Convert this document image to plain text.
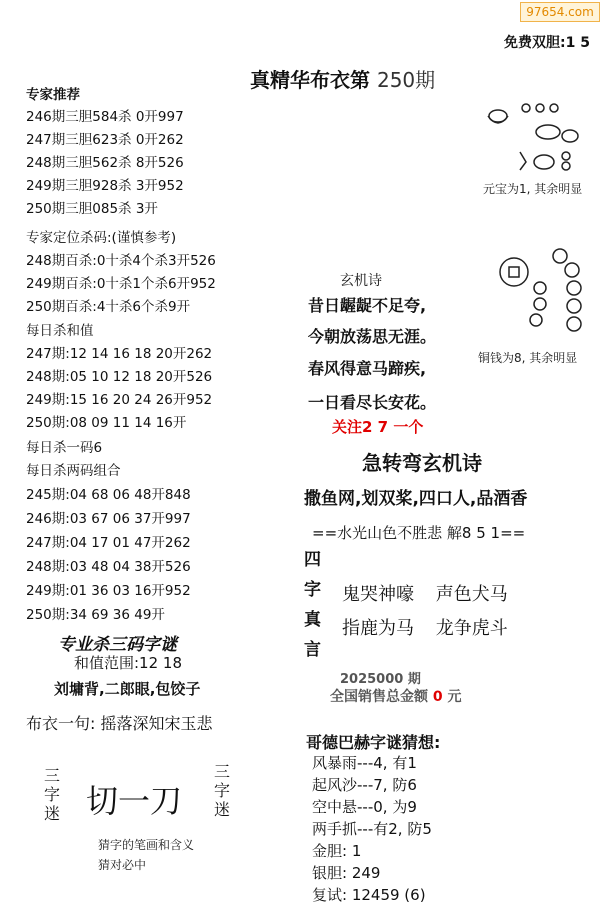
97654.com
免费双胆:1 5
真精华布衣第 250期
专家推荐
246期三胆584杀 0开997
247期三胆623杀 0开262
248期三胆562杀 8开526
249期三胆928杀 3开952
250期三胆085杀 3开
专家定位杀码:(谨慎参考)
248期百杀:0十杀4个杀3开526
249期百杀:0十杀1个杀6开952
250期百杀:4十杀6个杀9开
每日杀和值
247期:12 14 16 18 20开262
248期:05 10 12 18 20开526
249期:15 16 20 24 26开952
250期:08 09 11 14 16开
每日杀一码6
每日杀两码组合
245期:04 68 06 48开848
246期:03 67 06 37开997
247期:04 17 01 47开262
248期:03 48 04 38开526
249期:01 36 03 16开952
250期:34 69 36 49开
专业杀三码字谜
和值范围:12 18
刘墉背,二郎眼,包饺子
布衣一句: 摇落深知宋玉悲
三字迷 切一刀
三字迷
猜字的笔画和含义
猜对必中
元宝为1, 其余明显
铜钱为8, 其余明显
玄机诗
昔日龌龊不足夸,
今朝放荡思无涯。
春风得意马蹄疾,
一日看尽长安花。
关注2 7 一个
急转弯玄机诗
撒鱼网,划双桨,四口人,品酒香
==水光山色不胜悲 解8 5 1==
四
字
真
言
鬼哭神嚎 声色犬马
指鹿为马 龙争虎斗
2025000 期
全国销售总金额 0 元
哥德巴赫字谜猜想:
风暴雨---4, 有1
起风沙---7, 防6
空中悬---0, 为9
两手抓---有2, 防5
金胆: 1
银胆: 249
复试: 12459 (6)
